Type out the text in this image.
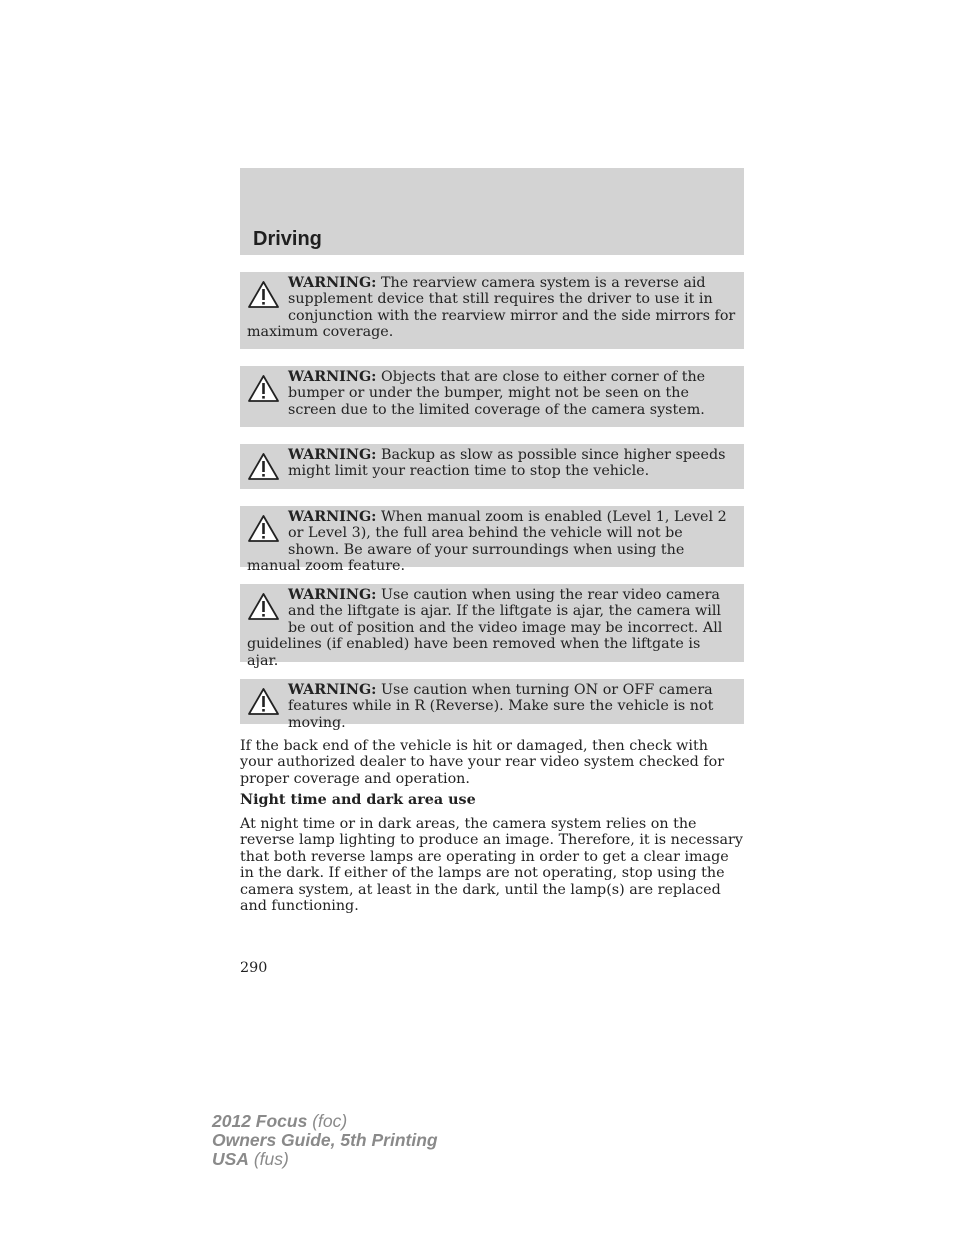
Driving
WARNING: The rearview camera system is a reverse aid supplement device that still requires the driver to use it in conjunction with the rearview mirror and the side mirrors for maximum coverage.
WARNING: Objects that are close to either corner of the bumper or under the bumper, might not be seen on the screen due to the limited coverage of the camera system.
WARNING: Backup as slow as possible since higher speeds might limit your reaction time to stop the vehicle.
WARNING: When manual zoom is enabled (Level 1, Level 2 or Level 3), the full area behind the vehicle will not be shown. Be aware of your surroundings when using the manual zoom feature.
WARNING: Use caution when using the rear video camera and the liftgate is ajar. If the liftgate is ajar, the camera will be out of position and the video image may be incorrect. All guidelines (if enabled) have been removed when the liftgate is ajar.
WARNING: Use caution when turning ON or OFF camera features while in R (Reverse). Make sure the vehicle is not moving.
If the back end of the vehicle is hit or damaged, then check with your authorized dealer to have your rear video system checked for proper coverage and operation.
Night time and dark area use
At night time or in dark areas, the camera system relies on the reverse lamp lighting to produce an image. Therefore, it is necessary that both reverse lamps are operating in order to get a clear image in the dark. If either of the lamps are not operating, stop using the camera system, at least in the dark, until the lamp(s) are replaced and functioning.
290
2012 Focus (foc)
Owners Guide, 5th Printing
USA (fus)
